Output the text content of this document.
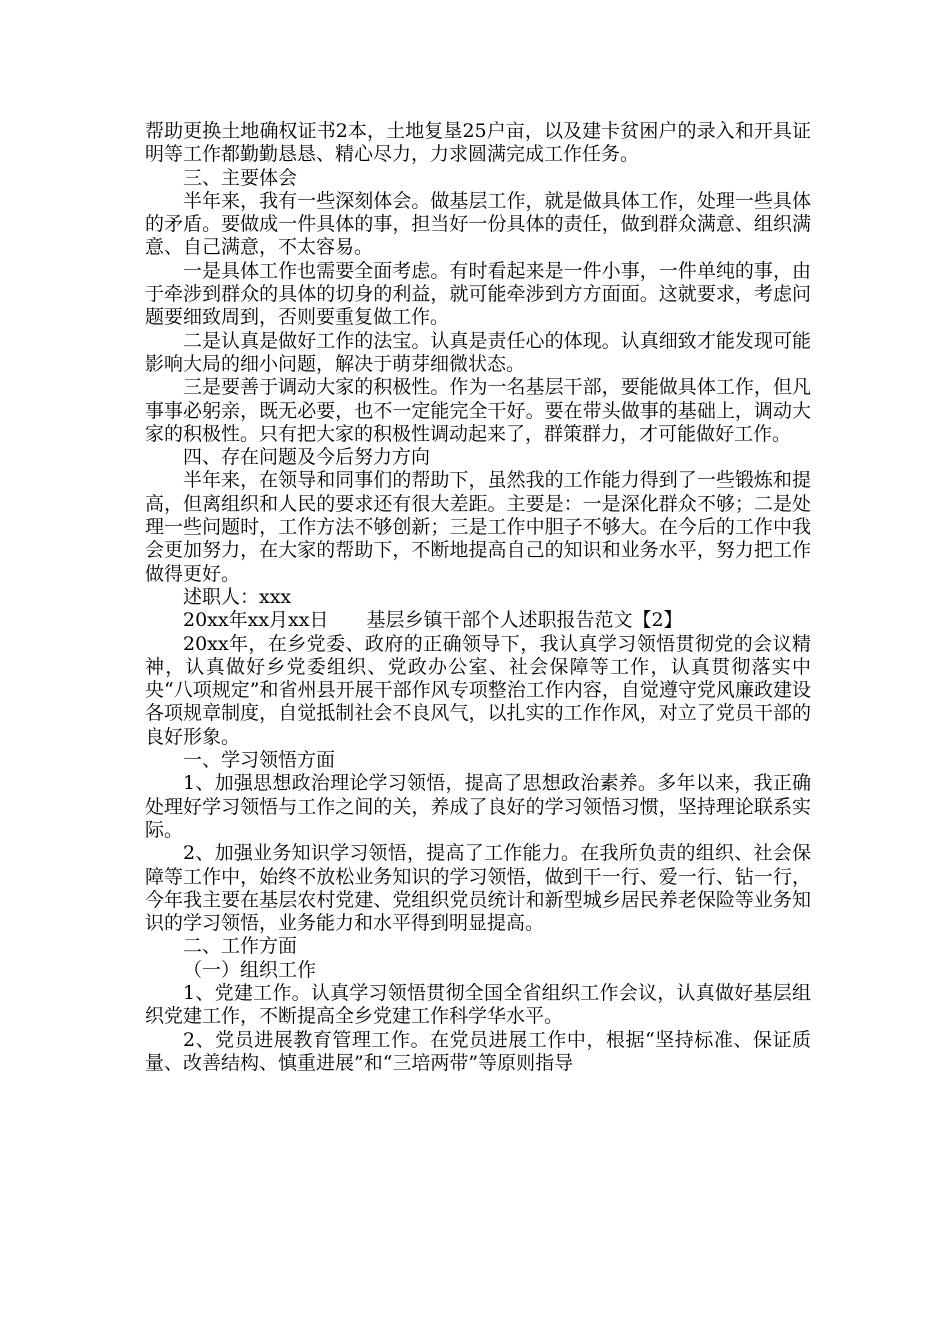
帮助更换土地确权证书2本，土地复垦25户亩，以及建卡贫困户的录入和开具证明等工作都勤勤恳恳、精心尽力，力求圆满完成工作任务。

三、主要体会

半年来，我有一些深刻体会。做基层工作，就是做具体工作，处理一些具体的矛盾。要做成一件具体的事，担当好一份具体的责任，做到群众满意、组织满意、自己满意，不太容易。

一是具体工作也需要全面考虑。有时看起来是一件小事，一件单纯的事，由于牵涉到群众的具体的切身的利益，就可能牵涉到方方面面。这就要求，考虑问题要细致周到，否则要重复做工作。

二是认真是做好工作的法宝。认真是责任心的体现。认真细致才能发现可能影响大局的细小问题，解决于萌芽细微状态。

三是要善于调动大家的积极性。作为一名基层干部，要能做具体工作，但凡事事必躬亲，既无必要，也不一定能完全干好。要在带头做事的基础上，调动大家的积极性。只有把大家的积极性调动起来了，群策群力，才可能做好工作。

四、存在问题及今后努力方向

半年来，在领导和同事们的帮助下，虽然我的工作能力得到了一些锻炼和提高，但离组织和人民的要求还有很大差距。主要是：一是深化群众不够；二是处理一些问题时，工作方法不够创新；三是工作中胆子不够大。在今后的工作中我会更加努力，在大家的帮助下，不断地提高自己的知识和业务水平，努力把工作做得更好。

述职人：xxx

20xx年xx月xx日　　基层乡镇干部个人述职报告范文【2】

20xx年，在乡党委、政府的正确领导下，我认真学习领悟贯彻党的会议精神，认真做好乡党委组织、党政办公室、社会保障等工作，认真贯彻落实中央“八项规定”和省州县开展干部作风专项整治工作内容，自觉遵守党风廉政建设各项规章制度，自觉抵制社会不良风气，以扎实的工作作风，对立了党员干部的良好形象。

一、学习领悟方面

1、加强思想政治理论学习领悟，提高了思想政治素养。多年以来，我正确处理好学习领悟与工作之间的关，养成了良好的学习领悟习惯，坚持理论联系实际。

2、加强业务知识学习领悟，提高了工作能力。在我所负责的组织、社会保障等工作中，始终不放松业务知识的学习领悟，做到干一行、爱一行、钻一行，今年我主要在基层农村党建、党组织党员统计和新型城乡居民养老保险等业务知识的学习领悟，业务能力和水平得到明显提高。

二、工作方面

（一）组织工作

1、党建工作。认真学习领悟贯彻全国全省组织工作会议，认真做好基层组织党建工作，不断提高全乡党建工作科学华水平。

2、党员进展教育管理工作。在党员进展工作中，根据“坚持标准、保证质量、改善结构、慎重进展”和“三培两带”等原则指导
